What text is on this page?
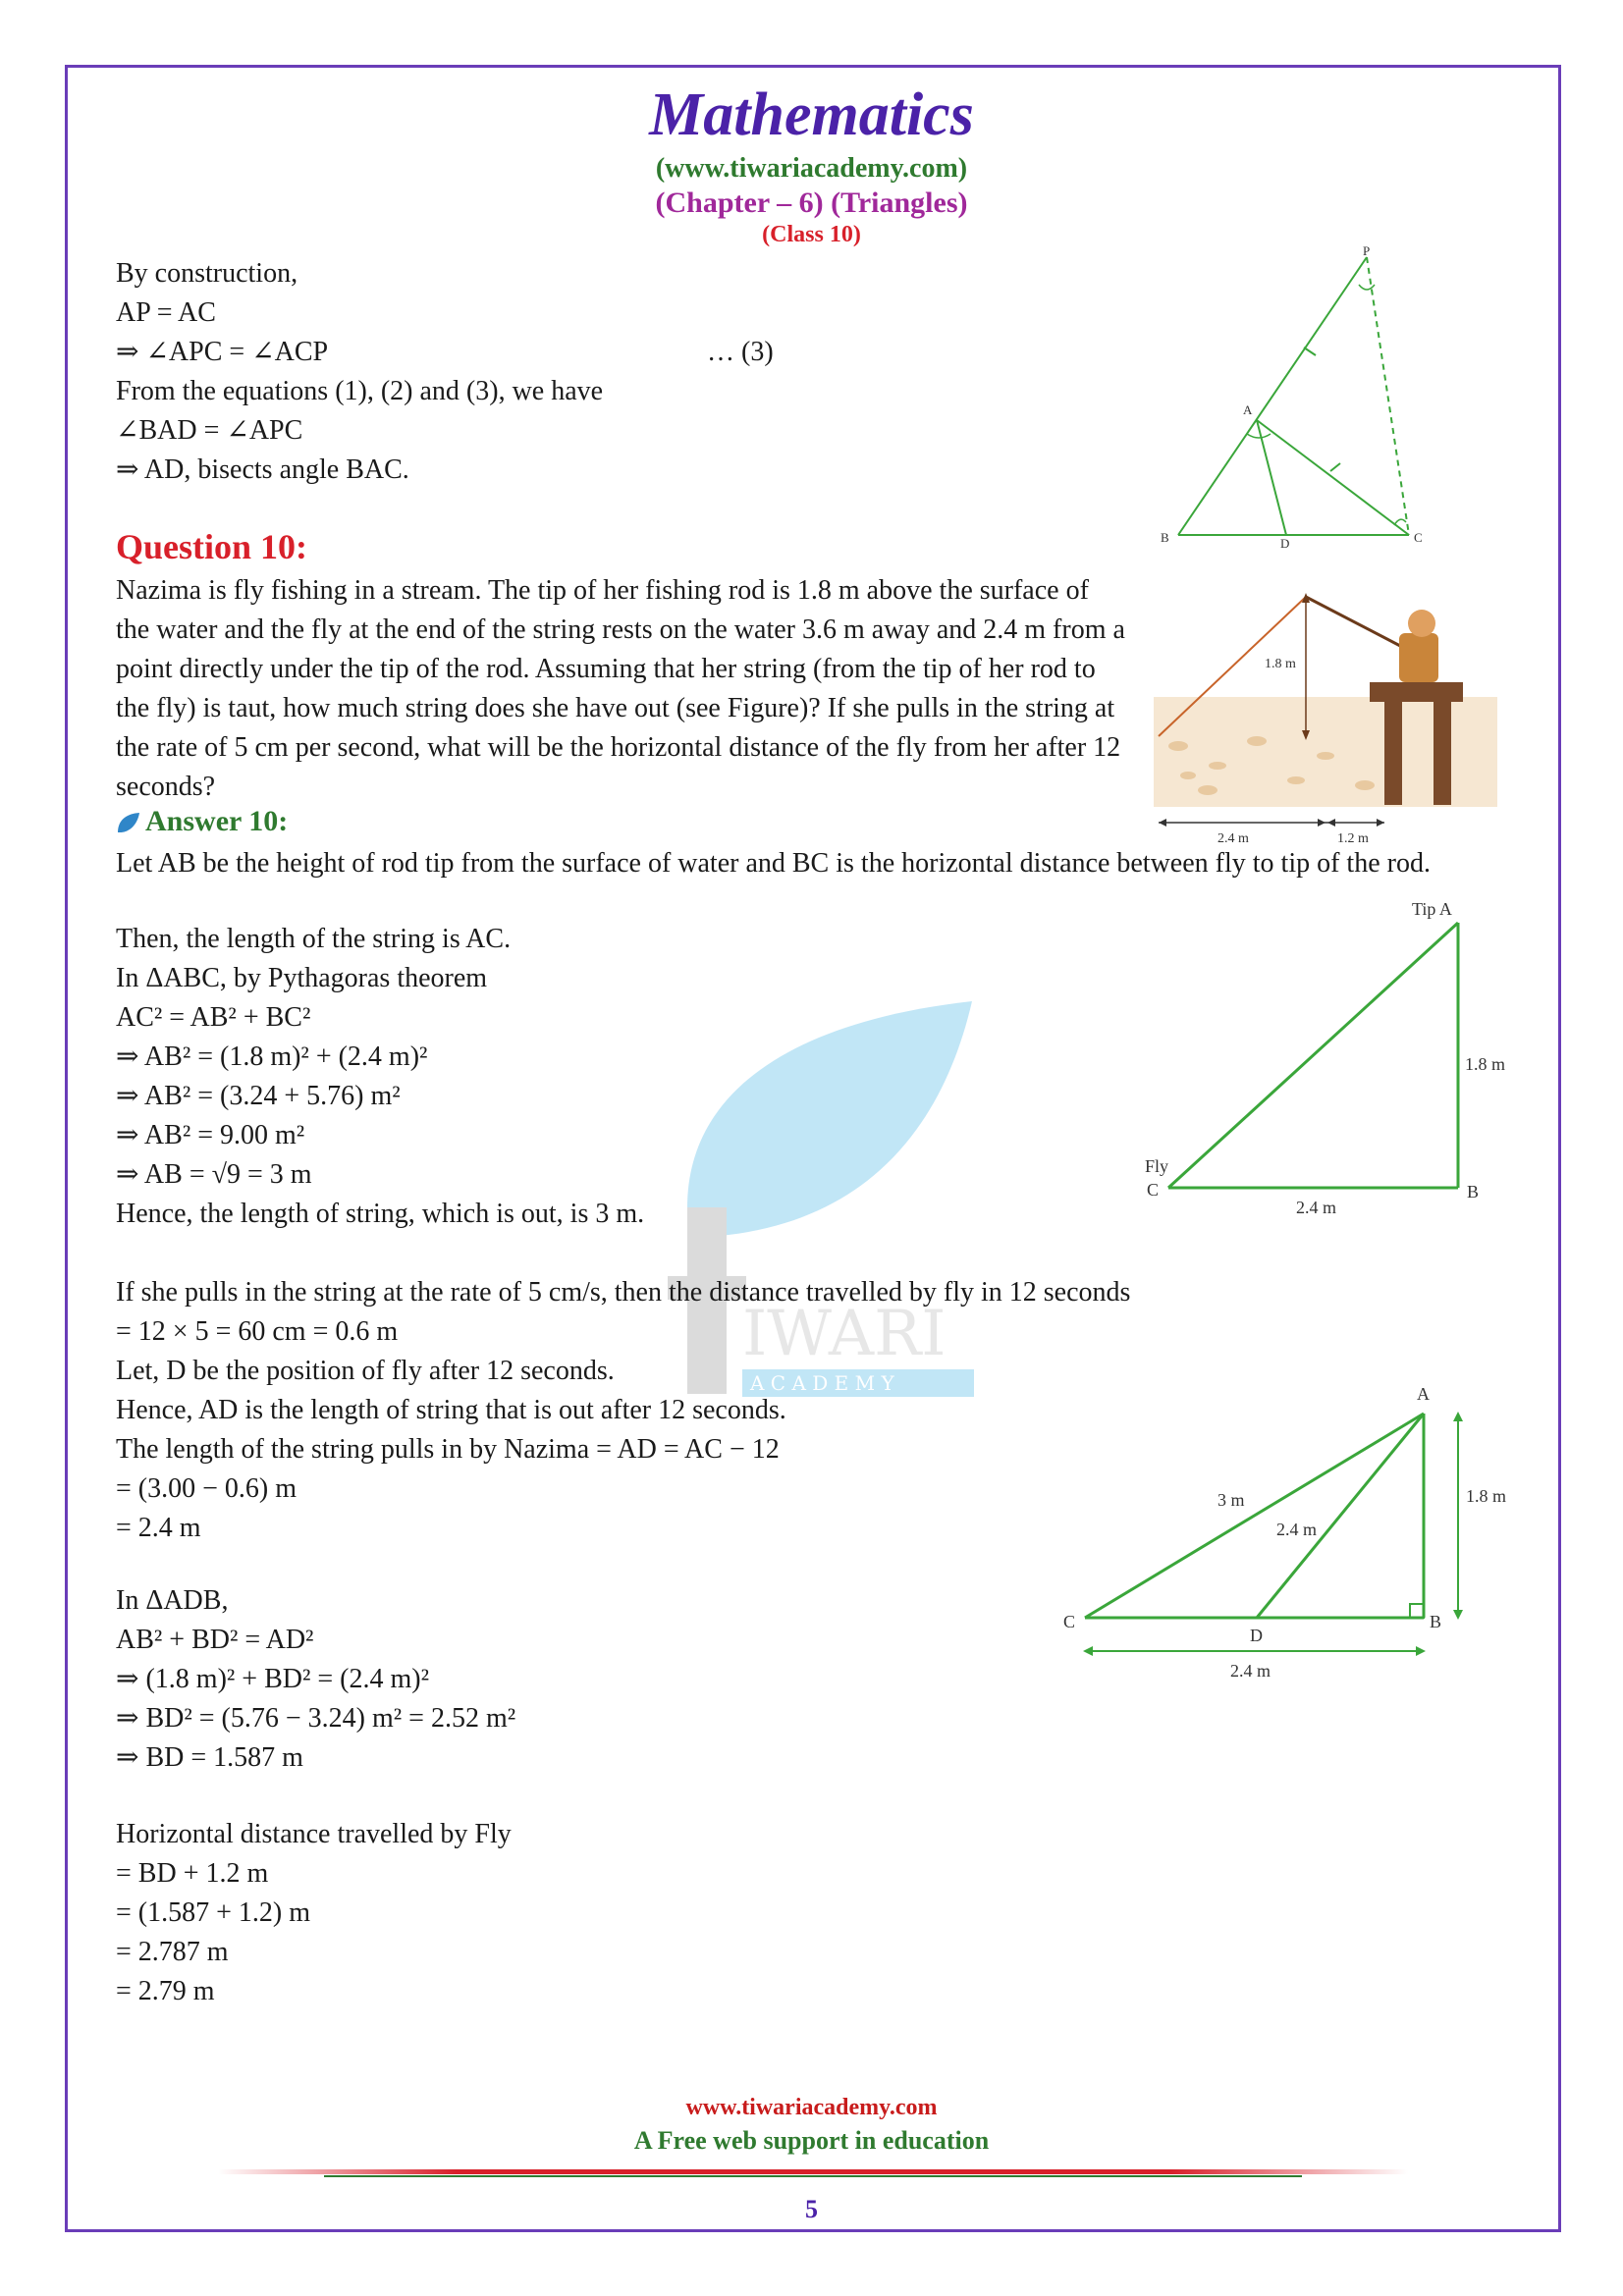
Mathematics
(www.tiwariacademy.com)
(Chapter – 6) (Triangles)
(Class 10)
IWARI
A C A D E M Y
By construction,
AP = AC
⇒ ∠APC = ∠ACP	… (3)
From the equations (1), (2) and (3), we have
∠BAD = ∠APC
⇒ AD, bisects angle BAC.
P
A
B	C
D
Question 10:
Nazima is fly fishing in a stream. The tip of her fishing rod is 1.8 m above the surface of the water and the fly at the end of the string rests on the water 3.6 m away and 2.4 m from a point directly under the tip of the rod. Assuming that her string (from the tip of her rod to the fly) is taut, how much string does she have out (see Figure)? If she pulls in the string at the rate of 5 cm per second, what will be the horizontal distance of the fly from her after 12 seconds?
1.8 m
2.4 m	1.2 m
Answer 10:
Let AB be the height of rod tip from the surface of water and BC is the horizontal distance between fly to tip of the rod.
Then, the length of the string is AC.
In ΔABC, by Pythagoras theorem
AC² = AB² + BC²
⇒ AB² = (1.8 m)² + (2.4 m)²
⇒ AB² = (3.24 + 5.76) m²
⇒ AB² = 9.00 m²
⇒ AB = √9 = 3 m
Hence, the length of string, which is out, is 3 m.
Tip A
1.8 m
Fly
C	B
2.4 m
If she pulls in the string at the rate of 5 cm/s, then the distance travelled by fly in 12 seconds
= 12 × 5 = 60 cm = 0.6 m
Let, D be the position of fly after 12 seconds.
Hence, AD is the length of string that is out after 12 seconds.
The length of the string pulls in by Nazima = AD = AC − 12
= (3.00 − 0.6) m
= 2.4 m
A
C
D
B
3 m
2.4 m
1.8 m
2.4 m
In ΔADB,
AB² + BD² = AD²
⇒ (1.8 m)² + BD² = (2.4 m)²
⇒ BD² = (5.76 − 3.24) m² = 2.52 m²
⇒ BD = 1.587 m
Horizontal distance travelled by Fly
= BD + 1.2 m
= (1.587 + 1.2) m
= 2.787 m
= 2.79 m
www.tiwariacademy.com
A Free web support in education
5
